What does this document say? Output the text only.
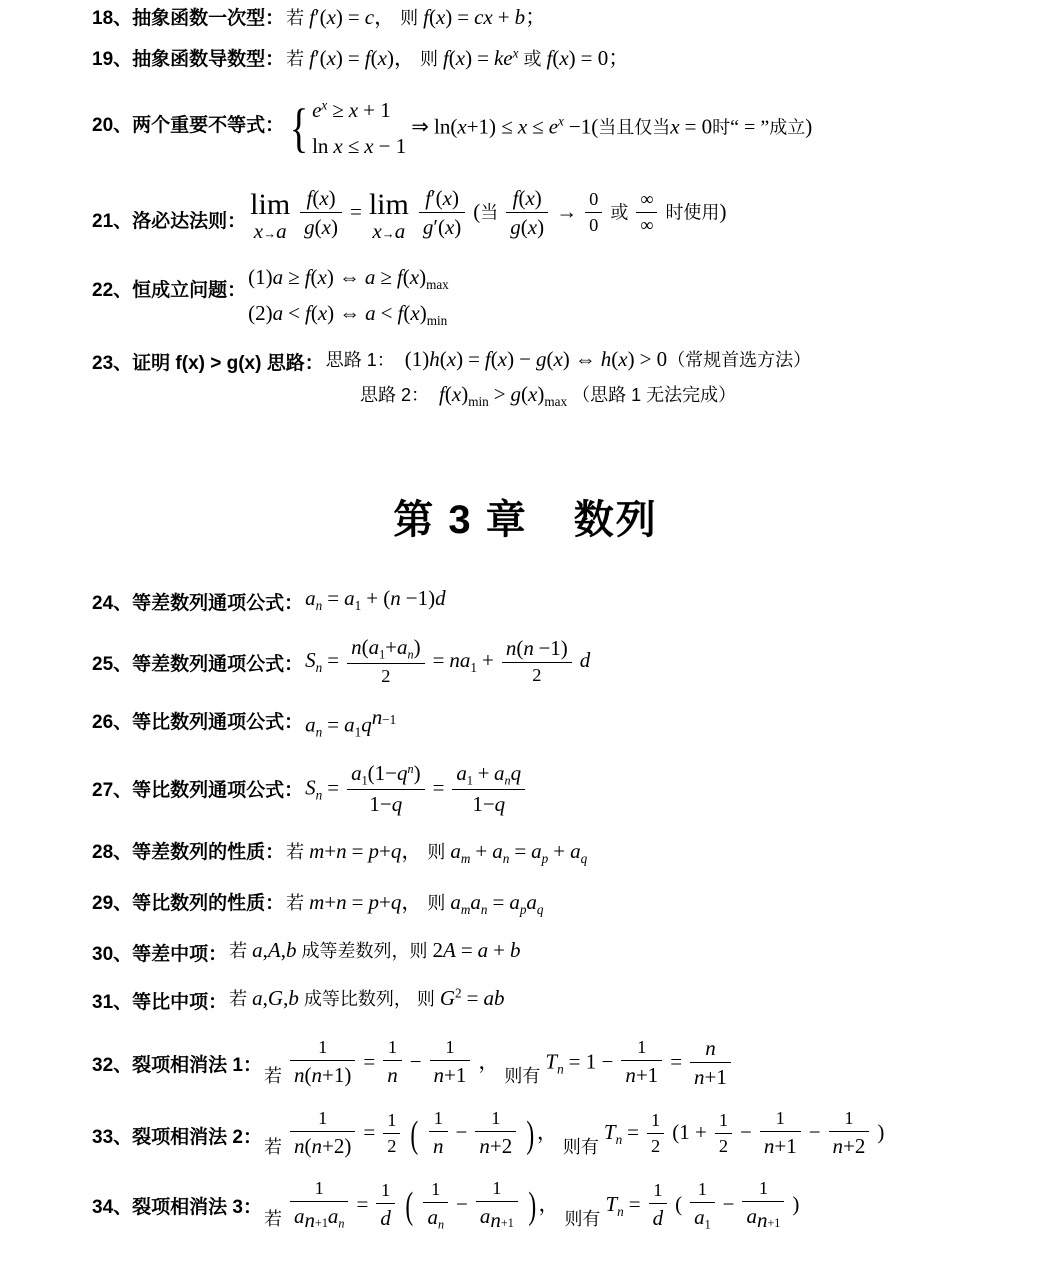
18、 抽象函数一次型： 若 f′(x) = c， 则 f(x) = cx + b；
19、 抽象函数导数型： 若 f′(x) = f(x)， 则 $f(x) = ke^x$ 或 f(x) = 0；
20、 两个重要不等式： { $e^x \ge x + 1$
ln x ≤ x − 1
⇒ $\ln(x+1) \le x \le e^x -1$(当且仅当x = 0时“ = ”成立)
21、 洛必达法则：
lim
x→a
$\frac{f(x)}{g(x)} = \lim$
x→a
$\frac{f'(x)}{g'(x)}$ (当 $\frac{f(x)}{g(x)} \to \frac{0}{0}$ 或 $\frac{\infty}{\infty}$ 时使用)
22、 恒成立问题：
(1)a ≥ f(x) ⇔ $a \ge f(x)_{max}$
(2)a < f(x) ⇔ $a < f(x)_{min}$
23、 证明 f(x) > g(x) 思路： 思路 1： (1)h(x) = f(x) − g(x) ⇔ h(x) > 0（常规首选方法）
思路 2： $f(x)_{min} > g(x)_{max}$ （思路 1 无法完成）
第 3 章 数列
24、 等差数列通项公式： $a_n = a_1 + (n -1)d$
25、 等差数列通项公式： $S_n = \frac{n(a_1+a_n)}{2} = na_1 + \frac{n(n -1)}{2}$ d
26、 等比数列通项公式： $a_n = a_1q^{n-1}$
27、 等比数列通项公式： $S_n = \frac{a_1(1-q^n)}{1-q} = \frac{a_1 + a_nq}{1-q}$
28、 等差数列的性质： 若 m+n = p+q， 则 $a_m + a_n = a_p + a_q$
29、 等比数列的性质： 若 m+n = p+q， 则 $a_ma_n = a_pa_q$
30、 等差中项： 若 a,A,b 成等差数列，则 2A = a + b
31、 等比中项： 若 a,G,b 成等比数列， 则 $G^2$ = ab
32、 裂项相消法 1：
若 $\frac{1}{n(n+1)} = \frac{1}{n} - \frac{1}{n+1}$ ， 则有 $T_n = 1 - \frac{1}{n+1} = \frac{n}{n+1}$
33、 裂项相消法 2： 若 $\frac{1}{n(n+2)} = \frac{1}{2}$ ( $\frac{1}{n} - \frac{1}{n+2}$ ) ， 则有 $T_n = \frac{1}{2} (1 + \frac{1}{2} - \frac{1}{n+1} - \frac{1}{n+2}$ )
34、 裂项相消法 3：
若 $\frac{1}{a_{n+1}a_n} = \frac{1}{d}$ ( $\frac{1}{a_n} - \frac{1}{a_{n+1}}$ ) ， 则有 $T_n = \frac{1}{d}$ ( $\frac{1}{a_1} - \frac{1}{a_{n+1}}$ )
